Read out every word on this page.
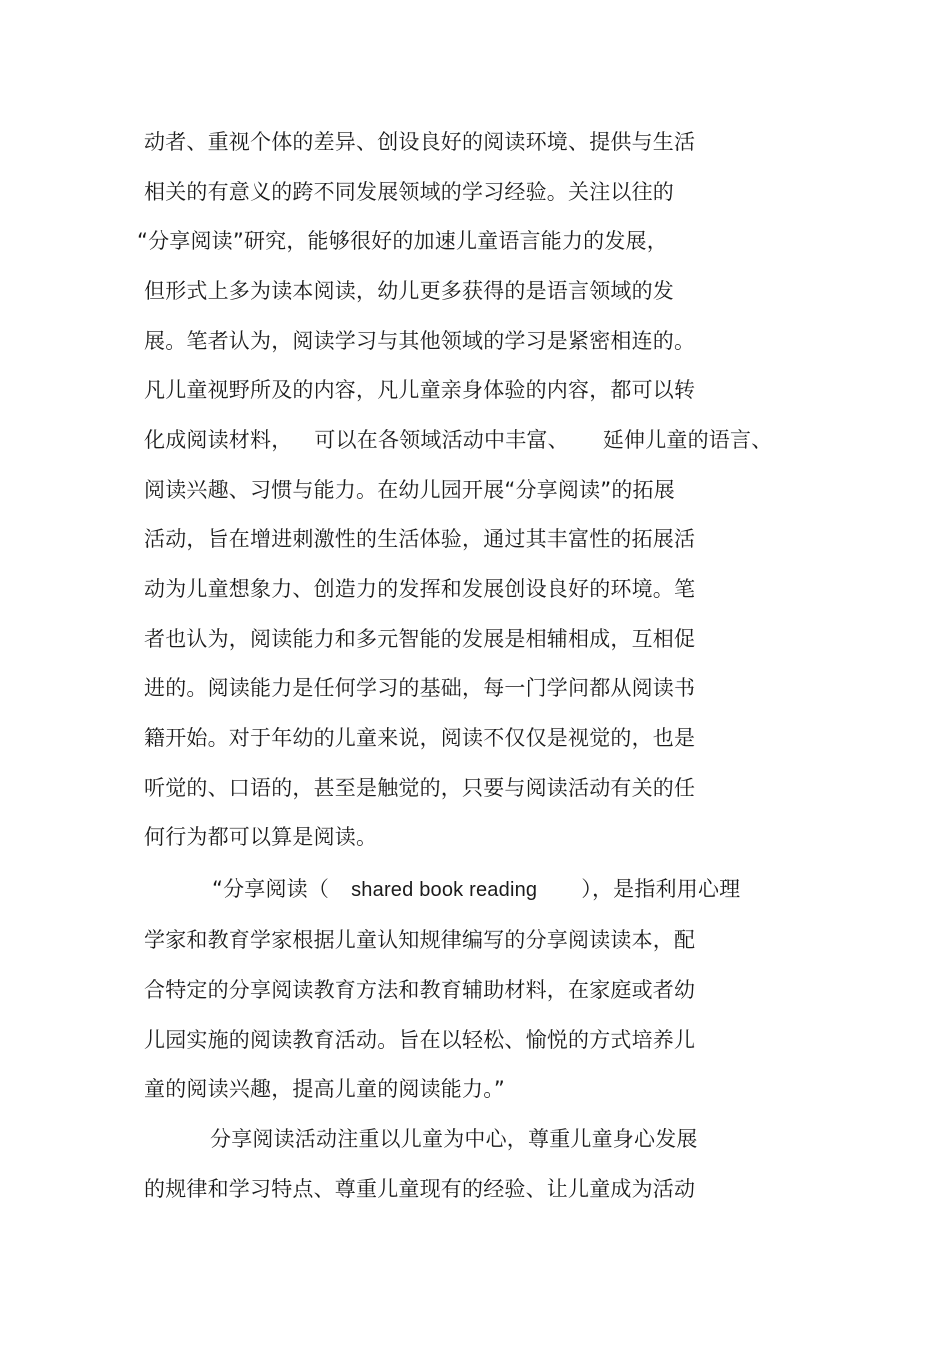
动者、重视个体的差异、创设良好的阅读环境、提供与生活
相关的有意义的跨不同发展领域的学习经验。关注以往的
“分享阅读”研究，能够很好的加速儿童语言能力的发展，
但形式上多为读本阅读，幼儿更多获得的是语言领域的发
展。笔者认为，阅读学习与其他领域的学习是紧密相连的。
凡儿童视野所及的内容，凡儿童亲身体验的内容，都可以转
化成阅读材料， 可以在各领域活动中丰富、 延伸儿童的语言、
阅读兴趣、习惯与能力。在幼儿园开展“分享阅读”的拓展
活动，旨在增进刺激性的生活体验，通过其丰富性的拓展活
动为儿童想象力、创造力的发挥和发展创设良好的环境。笔
者也认为，阅读能力和多元智能的发展是相辅相成，互相促
进的。阅读能力是任何学习的基础，每一门学问都从阅读书
籍开始。对于年幼的儿童来说，阅读不仅仅是视觉的，也是
听觉的、口语的，甚至是触觉的，只要与阅读活动有关的任
何行为都可以算是阅读。
“分享阅读（ shared book reading ），是指利用心理
学家和教育学家根据儿童认知规律编写的分享阅读读本，配
合特定的分享阅读教育方法和教育辅助材料，在家庭或者幼
儿园实施的阅读教育活动。旨在以轻松、愉悦的方式培养儿
童的阅读兴趣，提高儿童的阅读能力。”
分享阅读活动注重以儿童为中心，尊重儿童身心发展
的规律和学习特点、尊重儿童现有的经验、让儿童成为活动
